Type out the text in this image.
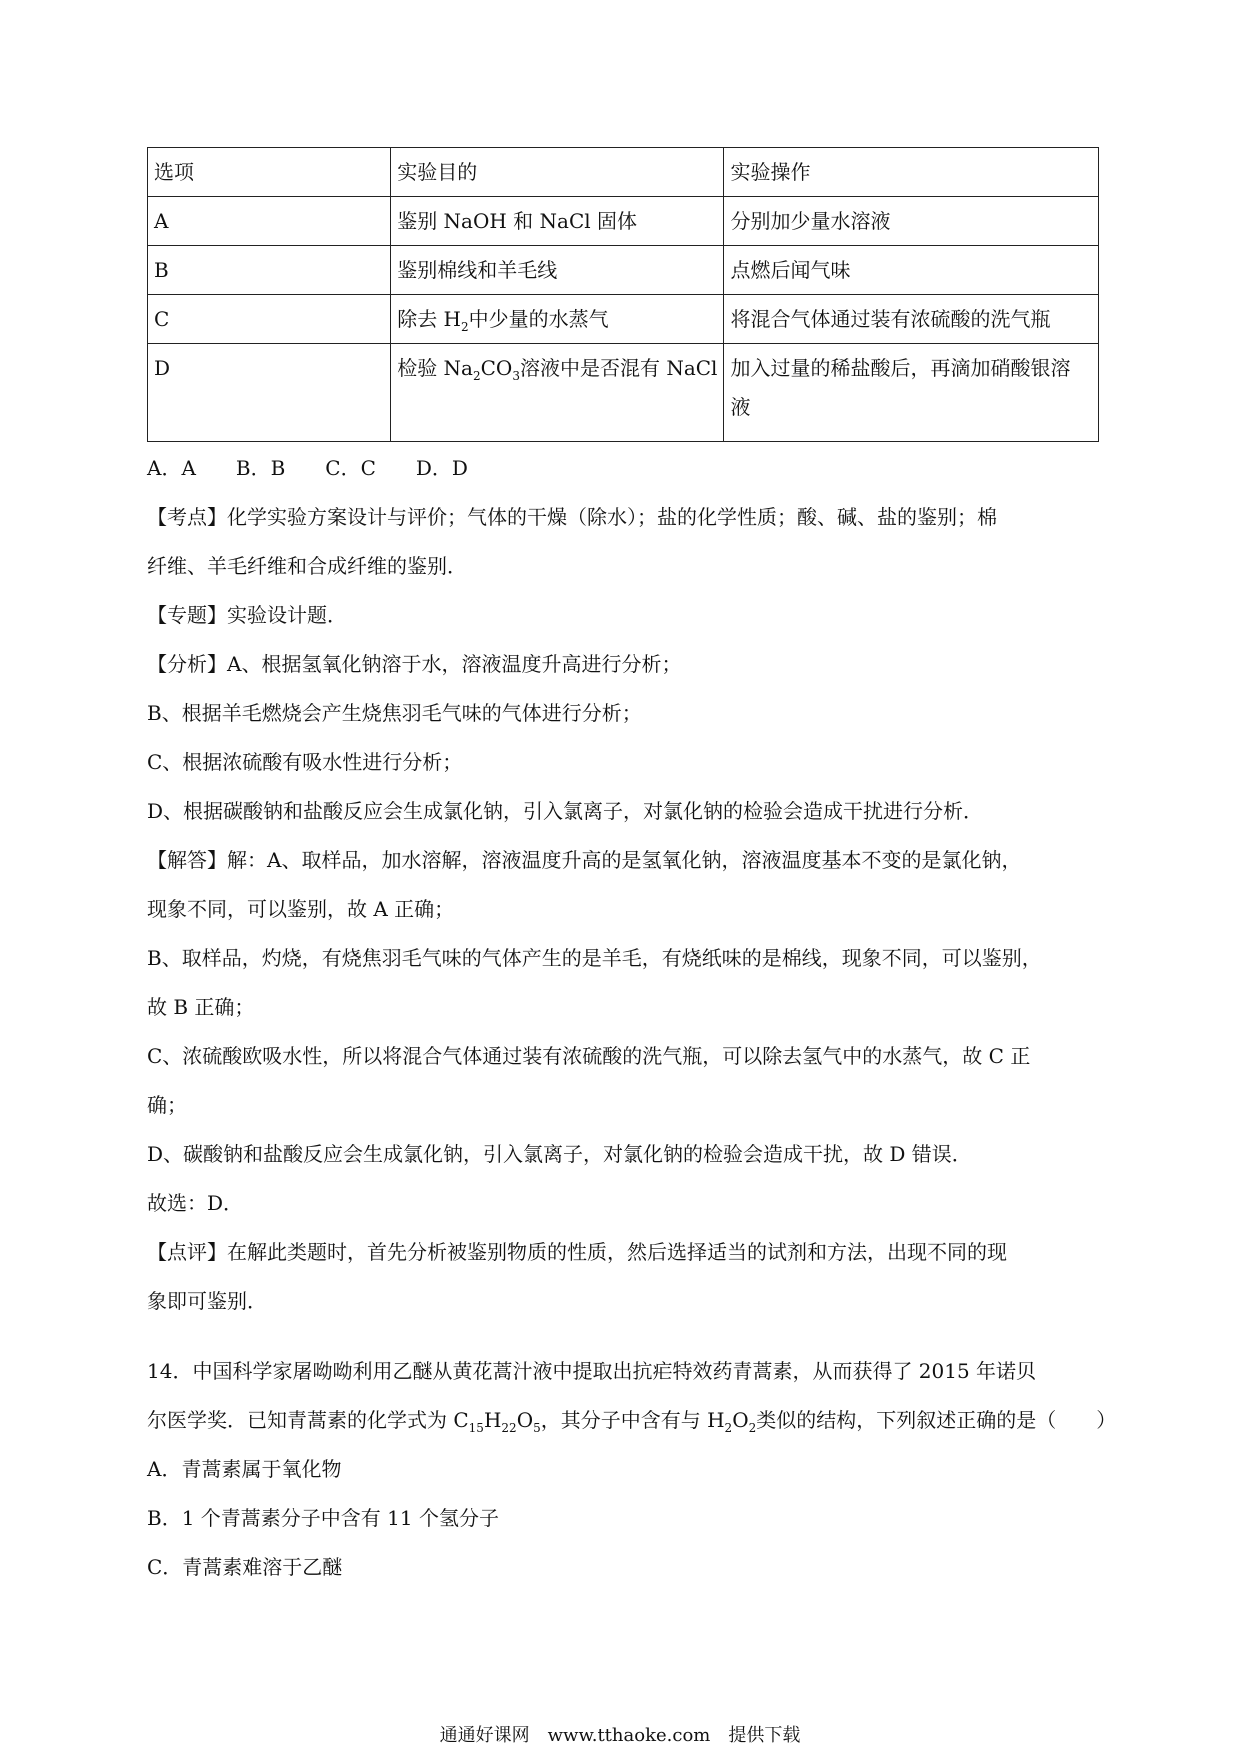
选项	实验目的	实验操作
A	鉴别 NaOH 和 NaCl 固体	分别加少量水溶液
B	鉴别棉线和羊毛线	点燃后闻气味
C	除去 $H_2$中少量的水蒸气	将混合气体通过装有浓硫酸的洗气瓶
D	检验 $Na_2CO_3$溶液中是否混有 NaCl	加入过量的稀盐酸后，再滴加硝酸银溶
液
A．A　　B．B　　C．C　　D．D
【考点】化学实验方案设计与评价；气体的干燥（除水）；盐的化学性质；酸、碱、盐的鉴别；棉
纤维、羊毛纤维和合成纤维的鉴别．
【专题】实验设计题．
【分析】A、根据氢氧化钠溶于水，溶液温度升高进行分析；
B、根据羊毛燃烧会产生烧焦羽毛气味的气体进行分析；
C、根据浓硫酸有吸水性进行分析；
D、根据碳酸钠和盐酸反应会生成氯化钠，引入氯离子，对氯化钠的检验会造成干扰进行分析．
【解答】解：A、取样品，加水溶解，溶液温度升高的是氢氧化钠，溶液温度基本不变的是氯化钠，
现象不同，可以鉴别，故 A 正确；
B、取样品，灼烧，有烧焦羽毛气味的气体产生的是羊毛，有烧纸味的是棉线，现象不同，可以鉴别，
故 B 正确；
C、浓硫酸欧吸水性，所以将混合气体通过装有浓硫酸的洗气瓶，可以除去氢气中的水蒸气，故 C 正
确；
D、碳酸钠和盐酸反应会生成氯化钠，引入氯离子，对氯化钠的检验会造成干扰，故 D 错误．
故选：D．
【点评】在解此类题时，首先分析被鉴别物质的性质，然后选择适当的试剂和方法，出现不同的现
象即可鉴别．
14．中国科学家屠呦呦利用乙醚从黄花蒿汁液中提取出抗疟特效药青蒿素，从而获得了 2015 年诺贝
尔医学奖．已知青蒿素的化学式为 $C_{15}H_{22}O_5$，其分子中含有与 $H_2O_2$类似的结构，下列叙述正确的是（　　）
A．青蒿素属于氧化物
B．1 个青蒿素分子中含有 11 个氢分子
C．青蒿素难溶于乙醚
通通好课网　www.tthaoke.com　提供下载
